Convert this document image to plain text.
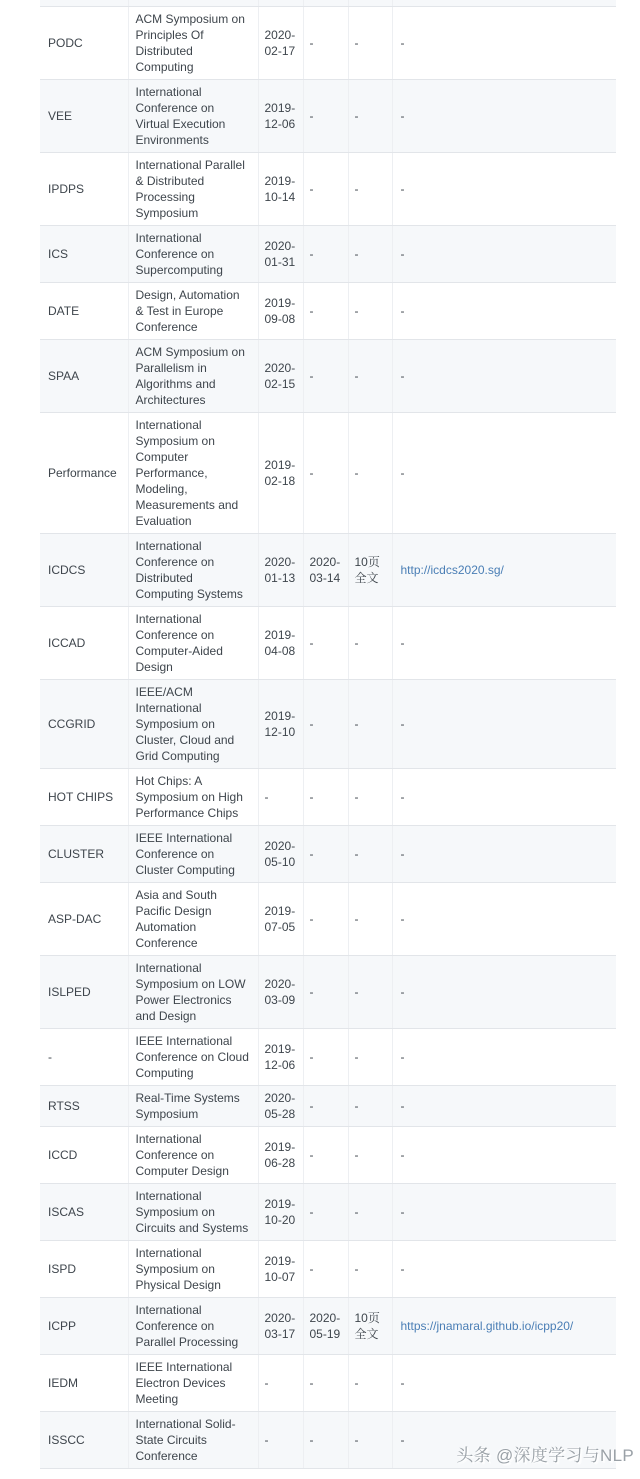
PODC	ACM Symposium on Principles Of Distributed Computing	2020-02-17	-	-	-
VEE	International Conference on Virtual Execution Environments	2019-12-06	-	-	-
IPDPS	International Parallel & Distributed Processing Symposium	2019-10-14	-	-	-
ICS	International Conference on Supercomputing	2020-01-31	-	-	-
DATE	Design, Automation & Test in Europe Conference	2019-09-08	-	-	-
SPAA	ACM Symposium on Parallelism in Algorithms and Architectures	2020-02-15	-	-	-
Performance	International Symposium on Computer Performance, Modeling, Measurements and Evaluation	2019-02-18	-	-	-
ICDCS	International Conference on Distributed Computing Systems	2020-01-13	2020-03-14	10页全文	http://icdcs2020.sg/
ICCAD	International Conference on Computer-Aided Design	2019-04-08	-	-	-
CCGRID	IEEE/ACM International Symposium on Cluster, Cloud and Grid Computing	2019-12-10	-	-	-
HOT CHIPS	Hot Chips: A Symposium on High Performance Chips	-	-	-	-
CLUSTER	IEEE International Conference on Cluster Computing	2020-05-10	-	-	-
ASP-DAC	Asia and South Pacific Design Automation Conference	2019-07-05	-	-	-
ISLPED	International Symposium on LOW Power Electronics and Design	2020-03-09	-	-	-
-	IEEE International Conference on Cloud Computing	2019-12-06	-	-	-
RTSS	Real-Time Systems Symposium	2020-05-28	-	-	-
ICCD	International Conference on Computer Design	2019-06-28	-	-	-
ISCAS	International Symposium on Circuits and Systems	2019-10-20	-	-	-
ISPD	International Symposium on Physical Design	2019-10-07	-	-	-
ICPP	International Conference on Parallel Processing	2020-03-17	2020-05-19	10页全文	https://jnamaral.github.io/icpp20/
IEDM	IEEE International Electron Devices Meeting	-	-	-	-
ISSCC	International Solid-State Circuits Conference	-	-	-	-
头条 @深度学习与NLP
